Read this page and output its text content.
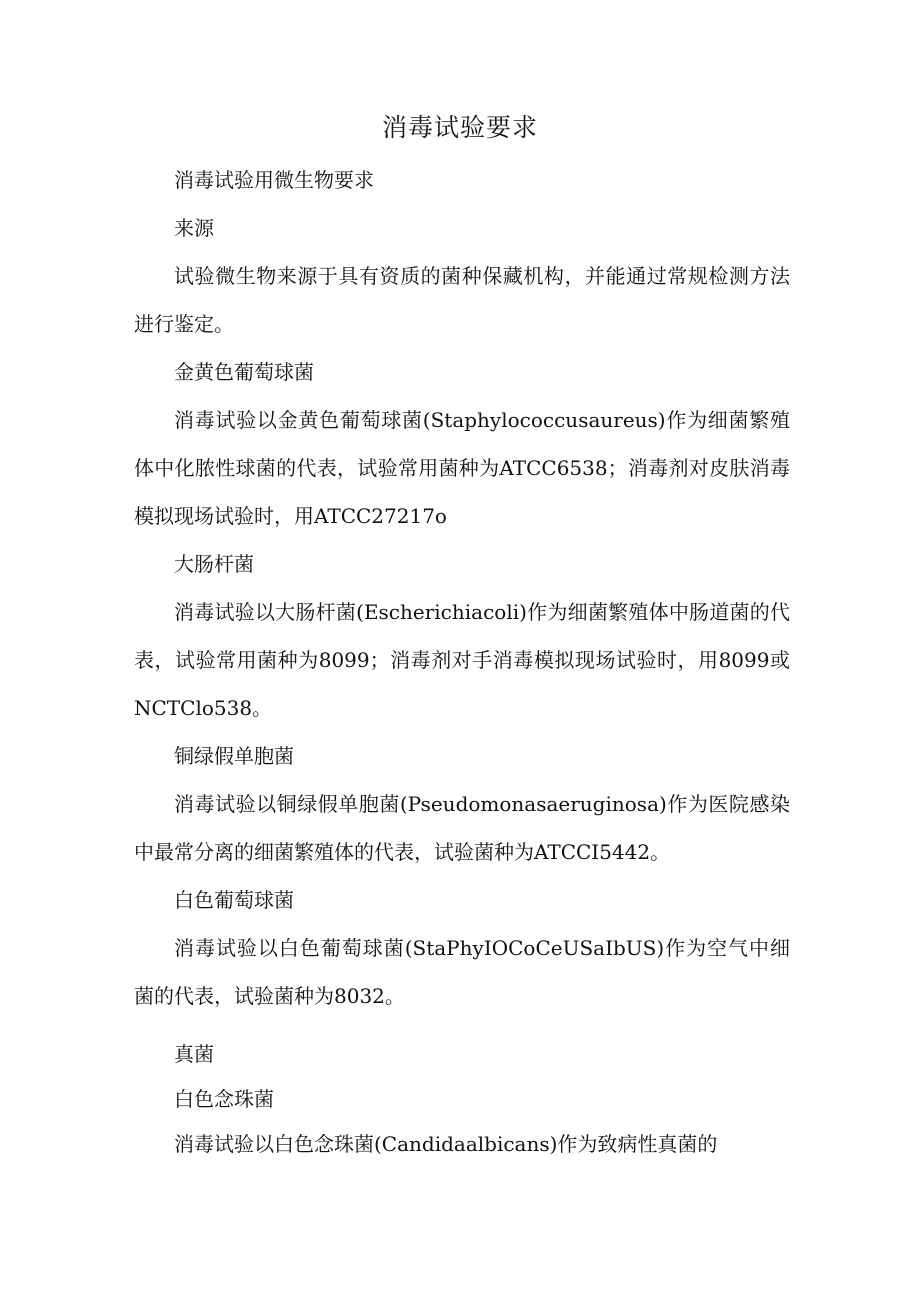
消毒试验要求

消毒试验用微生物要求

来源

试验微生物来源于具有资质的菌种保藏机构，并能通过常规检测方法进行鉴定。

金黄色葡萄球菌

消毒试验以金黄色葡萄球菌(Staphylococcusaureus)作为细菌繁殖体中化脓性球菌的代表，试验常用菌种为ATCC6538；消毒剂对皮肤消毒模拟现场试验时，用ATCC27217o

大肠杆菌

消毒试验以大肠杆菌(Escherichiacoli)作为细菌繁殖体中肠道菌的代表，试验常用菌种为8099；消毒剂对手消毒模拟现场试验时，用8099或NCTClo538。

铜绿假单胞菌

消毒试验以铜绿假单胞菌(Pseudomonasaeruginosa)作为医院感染中最常分离的细菌繁殖体的代表，试验菌种为ATCCI5442。

白色葡萄球菌

消毒试验以白色葡萄球菌(StaPhyIOCoCeUSaIbUS)作为空气中细菌的代表，试验菌种为8032。

真菌

白色念珠菌

消毒试验以白色念珠菌(Candidaalbicans)作为致病性真菌的
